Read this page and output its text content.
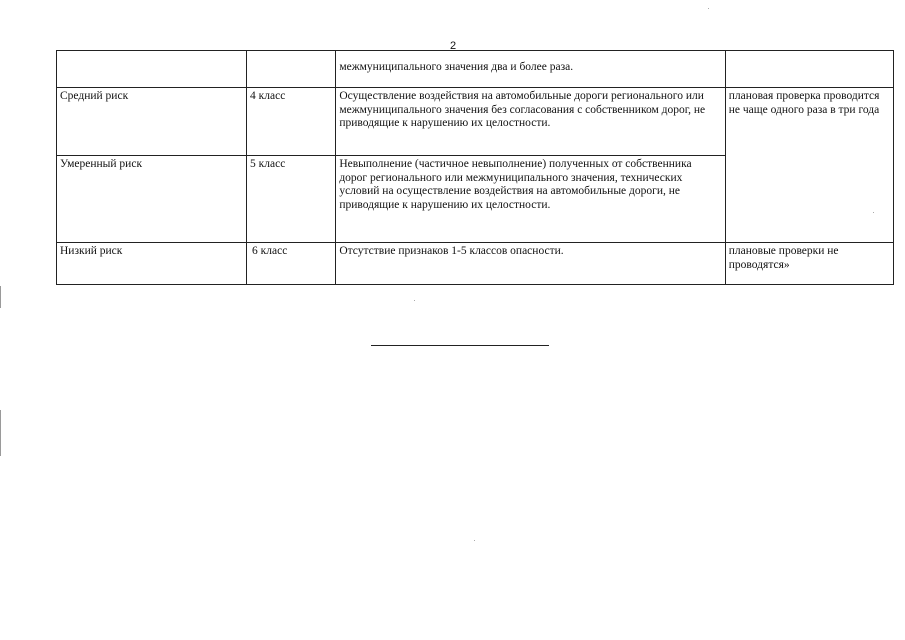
2
		межмуниципального значения два и более раза.	
Средний риск	4 класс	Осуществление воздействия на автомобильные дороги регионального или межмуниципального значения без согласования с собственником дорог, не приводящие к нарушению их целостности.	плановая проверка проводится не чаще одного раза в три года
Умеренный риск	5 класс	Невыполнение (частичное невыполнение) полученных от собственника дорог регионального или межмуниципального значения, технических условий на осуществление воздействия на автомобильные дороги, не приводящие к нарушению их целостности.	
Низкий риск	6 класс	Отсутствие признаков 1-5 классов опасности.	плановые проверки не проводятся»
